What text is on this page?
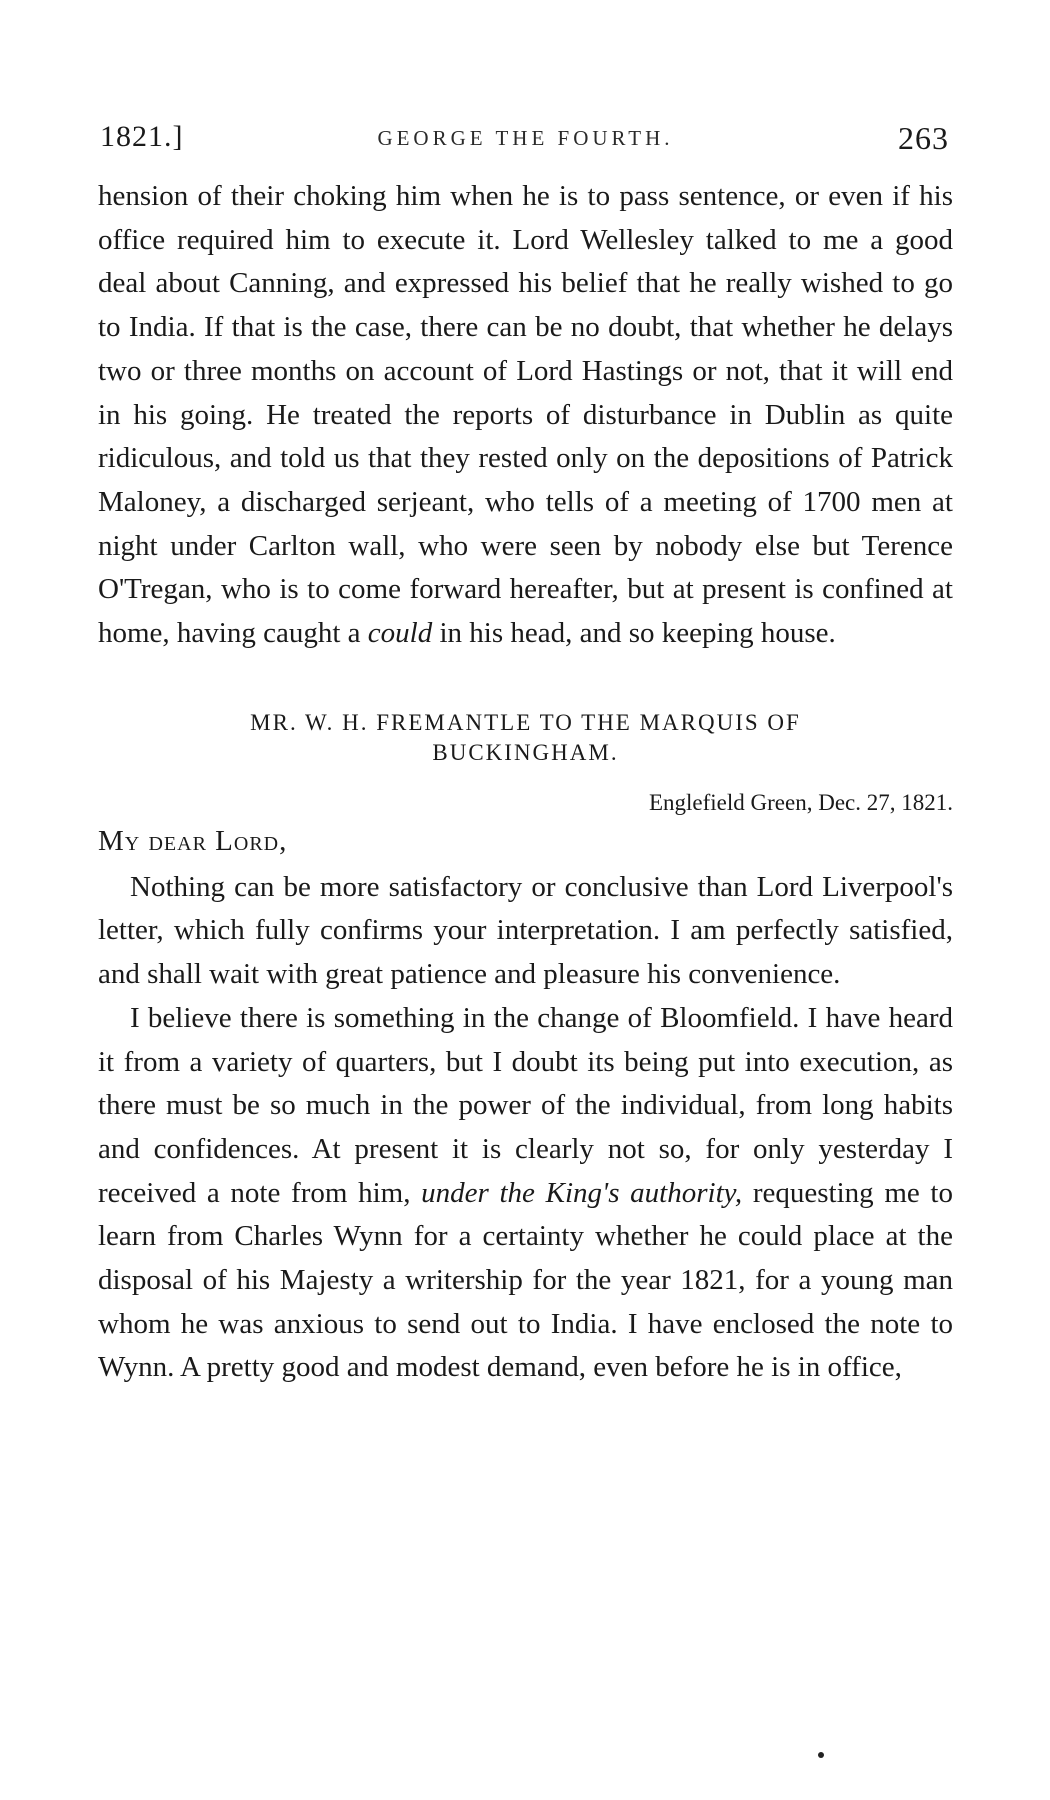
1821.]	GEORGE THE FOURTH.	263

hension of their choking him when he is to pass sentence, or even if his office required him to execute it. Lord Wellesley talked to me a good deal about Canning, and expressed his belief that he really wished to go to India. If that is the case, there can be no doubt, that whether he delays two or three months on account of Lord Hastings or not, that it will end in his going. He treated the reports of disturbance in Dublin as quite ridiculous, and told us that they rested only on the depositions of Patrick Maloney, a discharged serjeant, who tells of a meeting of 1700 men at night under Carlton wall, who were seen by nobody else but Terence O'Tregan, who is to come forward hereafter, but at present is confined at home, having caught a could in his head, and so keeping house.

MR. W. H. FREMANTLE TO THE MARQUIS OF
BUCKINGHAM.
Englefield Green, Dec. 27, 1821.
My dear Lord,

Nothing can be more satisfactory or conclusive than Lord Liverpool's letter, which fully confirms your interpretation. I am perfectly satisfied, and shall wait with great patience and pleasure his convenience.

I believe there is something in the change of Bloomfield. I have heard it from a variety of quarters, but I doubt its being put into execution, as there must be so much in the power of the individual, from long habits and confidences. At present it is clearly not so, for only yesterday I received a note from him, under the King's authority, requesting me to learn from Charles Wynn for a certainty whether he could place at the disposal of his Majesty a writership for the year 1821, for a young man whom he was anxious to send out to India. I have enclosed the note to Wynn. A pretty good and modest demand, even before he is in office,
